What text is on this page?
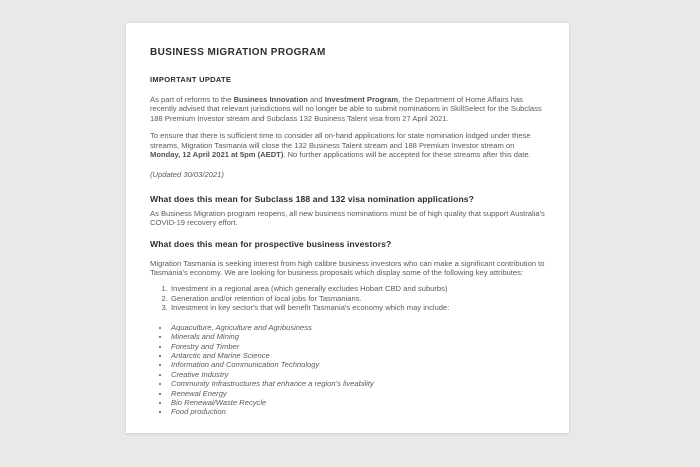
BUSINESS MIGRATION PROGRAM
IMPORTANT UPDATE

As part of reforms to the Business Innovation and Investment Program, the Department of Home Affairs has recently advised that relevant jurisdictions will no longer be able to submit nominations in SkillSelect for the Subclass 188 Premium Investor stream and Subclass 132 Business Talent visa from 27 April 2021.

To ensure that there is sufficient time to consider all on-hand applications for state nomination lodged under these streams, Migration Tasmania will close the 132 Business Talent stream and 188 Premium Investor stream on Monday, 12 April 2021 at 5pm (AEDT). No further applications will be accepted for these streams after this date.

(Updated 30/03/2021)

What does this mean for Subclass 188 and 132 visa nomination applications?

As Business Migration program reopens, all new business nominations must be of high quality that support Australia's COVID-19 recovery effort.

What does this mean for prospective business investors?

Migration Tasmania is seeking interest from high calibre business investors who can make a significant contribution to Tasmania's economy. We are looking for business proposals which display some of the following key attributes:

1. Investment in a regional area (which generally excludes Hobart CBD and suburbs)
2. Generation and/or retention of local jobs for Tasmanians.
3. Investment in key sector's that will benefit Tasmania's economy which may include:
• Aquaculture, Agriculture and Agribusiness
• Minerals and Mining
• Forestry and Timber
• Antarctic and Marine Science
• Information and Communication Technology
• Creative Industry
• Community Infrastructures that enhance a region's liveability
• Renewal Energy
• Bio Renewal/Waste Recycle
• Food production
